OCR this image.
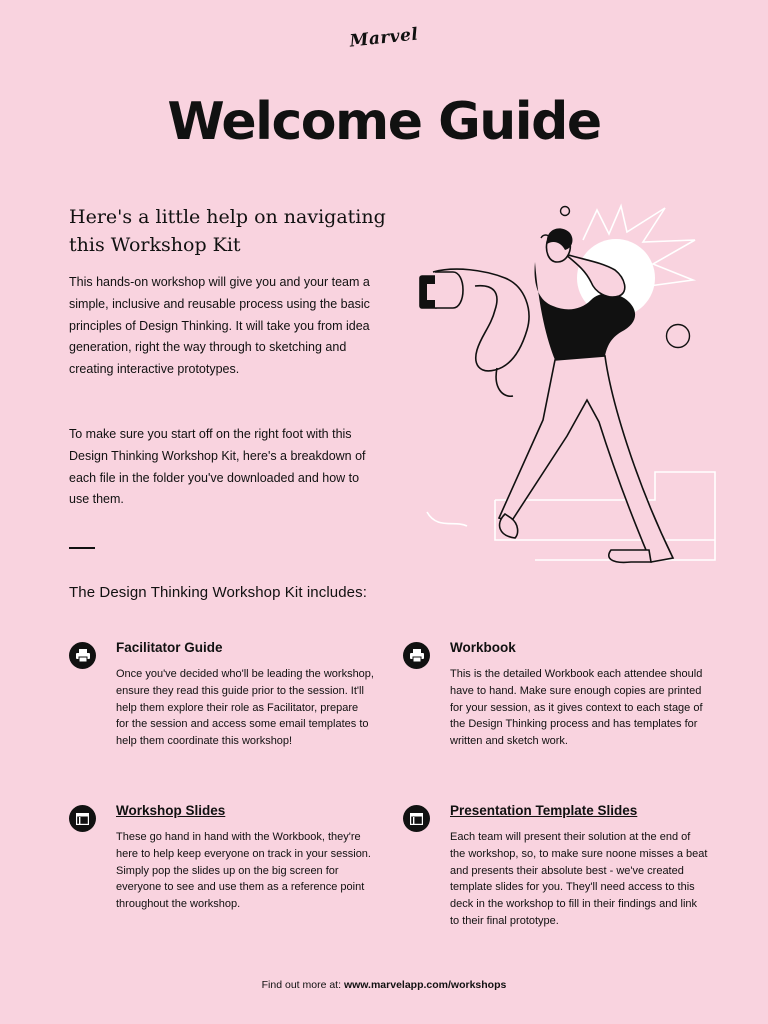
Marvel
Welcome Guide
Here's a little help on navigating this Workshop Kit

This hands-on workshop will give you and your team a simple, inclusive and reusable process using the basic principles of Design Thinking. It will take you from idea generation, right the way through to sketching and creating interactive prototypes.

To make sure you start off on the right foot with this Design Thinking Workshop Kit, here's a breakdown of each file in the folder you've downloaded and how to use them.

The Design Thinking Workshop Kit includes:
Facilitator Guide

Once you've decided who'll be leading the workshop, ensure they read this guide prior to the session. It'll help them explore their role as Facilitator, prepare for the session and access some email templates to help them coordinate this workshop!

Workbook

This is the detailed Workbook each attendee should have to hand. Make sure enough copies are printed for your session, as it gives context to each stage of the Design Thinking process and has templates for written and sketch work.

Workshop Slides

These go hand in hand with the Workbook, they're here to help keep everyone on track in your session. Simply pop the slides up on the big screen for everyone to see and use them as a reference point throughout the workshop.

Presentation Template Slides

Each team will present their solution at the end of the workshop, so, to make sure noone misses a beat and presents their absolute best - we've created template slides for you. They'll need access to this deck in the workshop to fill in their findings and link to their final prototype.

Find out more at: www.marvelapp.com/workshops
